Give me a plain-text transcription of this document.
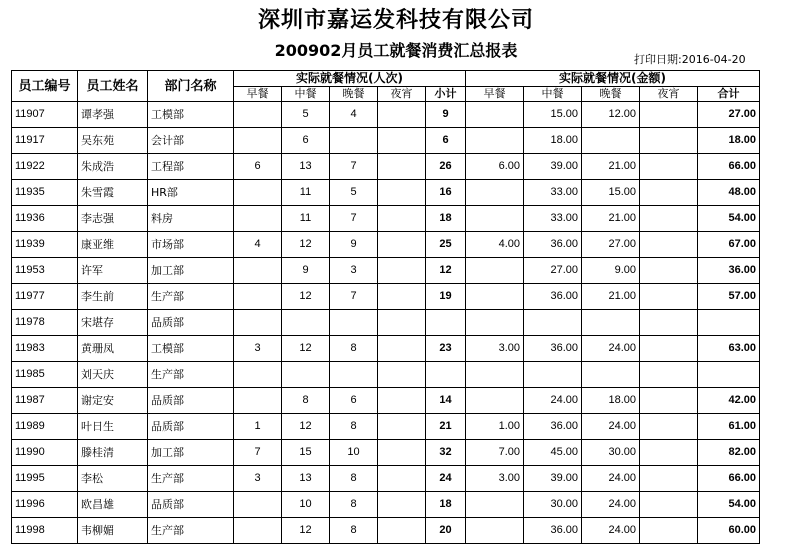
深圳市嘉运发科技有限公司
200902月员工就餐消费汇总报表	打印日期:2016-04-20
员工编号	员工姓名	部门名称	实际就餐情况(人次)					实际就餐情况(金额)				
			早餐	中餐	晚餐	夜宵	小计	早餐	中餐	晚餐	夜宵	合计
11907	谭孝强	工模部		5	4		9		15.00	12.00		27.00
11917	吴东苑	会计部		6			6		18.00			18.00
11922	朱成浩	工程部	6	13	7		26	6.00	39.00	21.00		66.00
11935	朱雪霞	HR部		11	5		16		33.00	15.00		48.00
11936	李志强	料房		11	7		18		33.00	21.00		54.00
11939	康亚维	市场部	4	12	9		25	4.00	36.00	27.00		67.00
11953	许军	加工部		9	3		12		27.00	9.00		36.00
11977	李生前	生产部		12	7		19		36.00	21.00		57.00
11978	宋堪存	品质部										
11983	黄珊凤	工模部	3	12	8		23	3.00	36.00	24.00		63.00
11985	刘天庆	生产部										
11987	谢定安	品质部		8	6		14		24.00	18.00		42.00
11989	叶日生	品质部	1	12	8		21	1.00	36.00	24.00		61.00
11990	滕桂清	加工部	7	15	10		32	7.00	45.00	30.00		82.00
11995	李松	生产部	3	13	8		24	3.00	39.00	24.00		66.00
11996	欧昌雄	品质部		10	8		18		30.00	24.00		54.00
11998	韦柳媚	生产部		12	8		20		36.00	24.00		60.00
